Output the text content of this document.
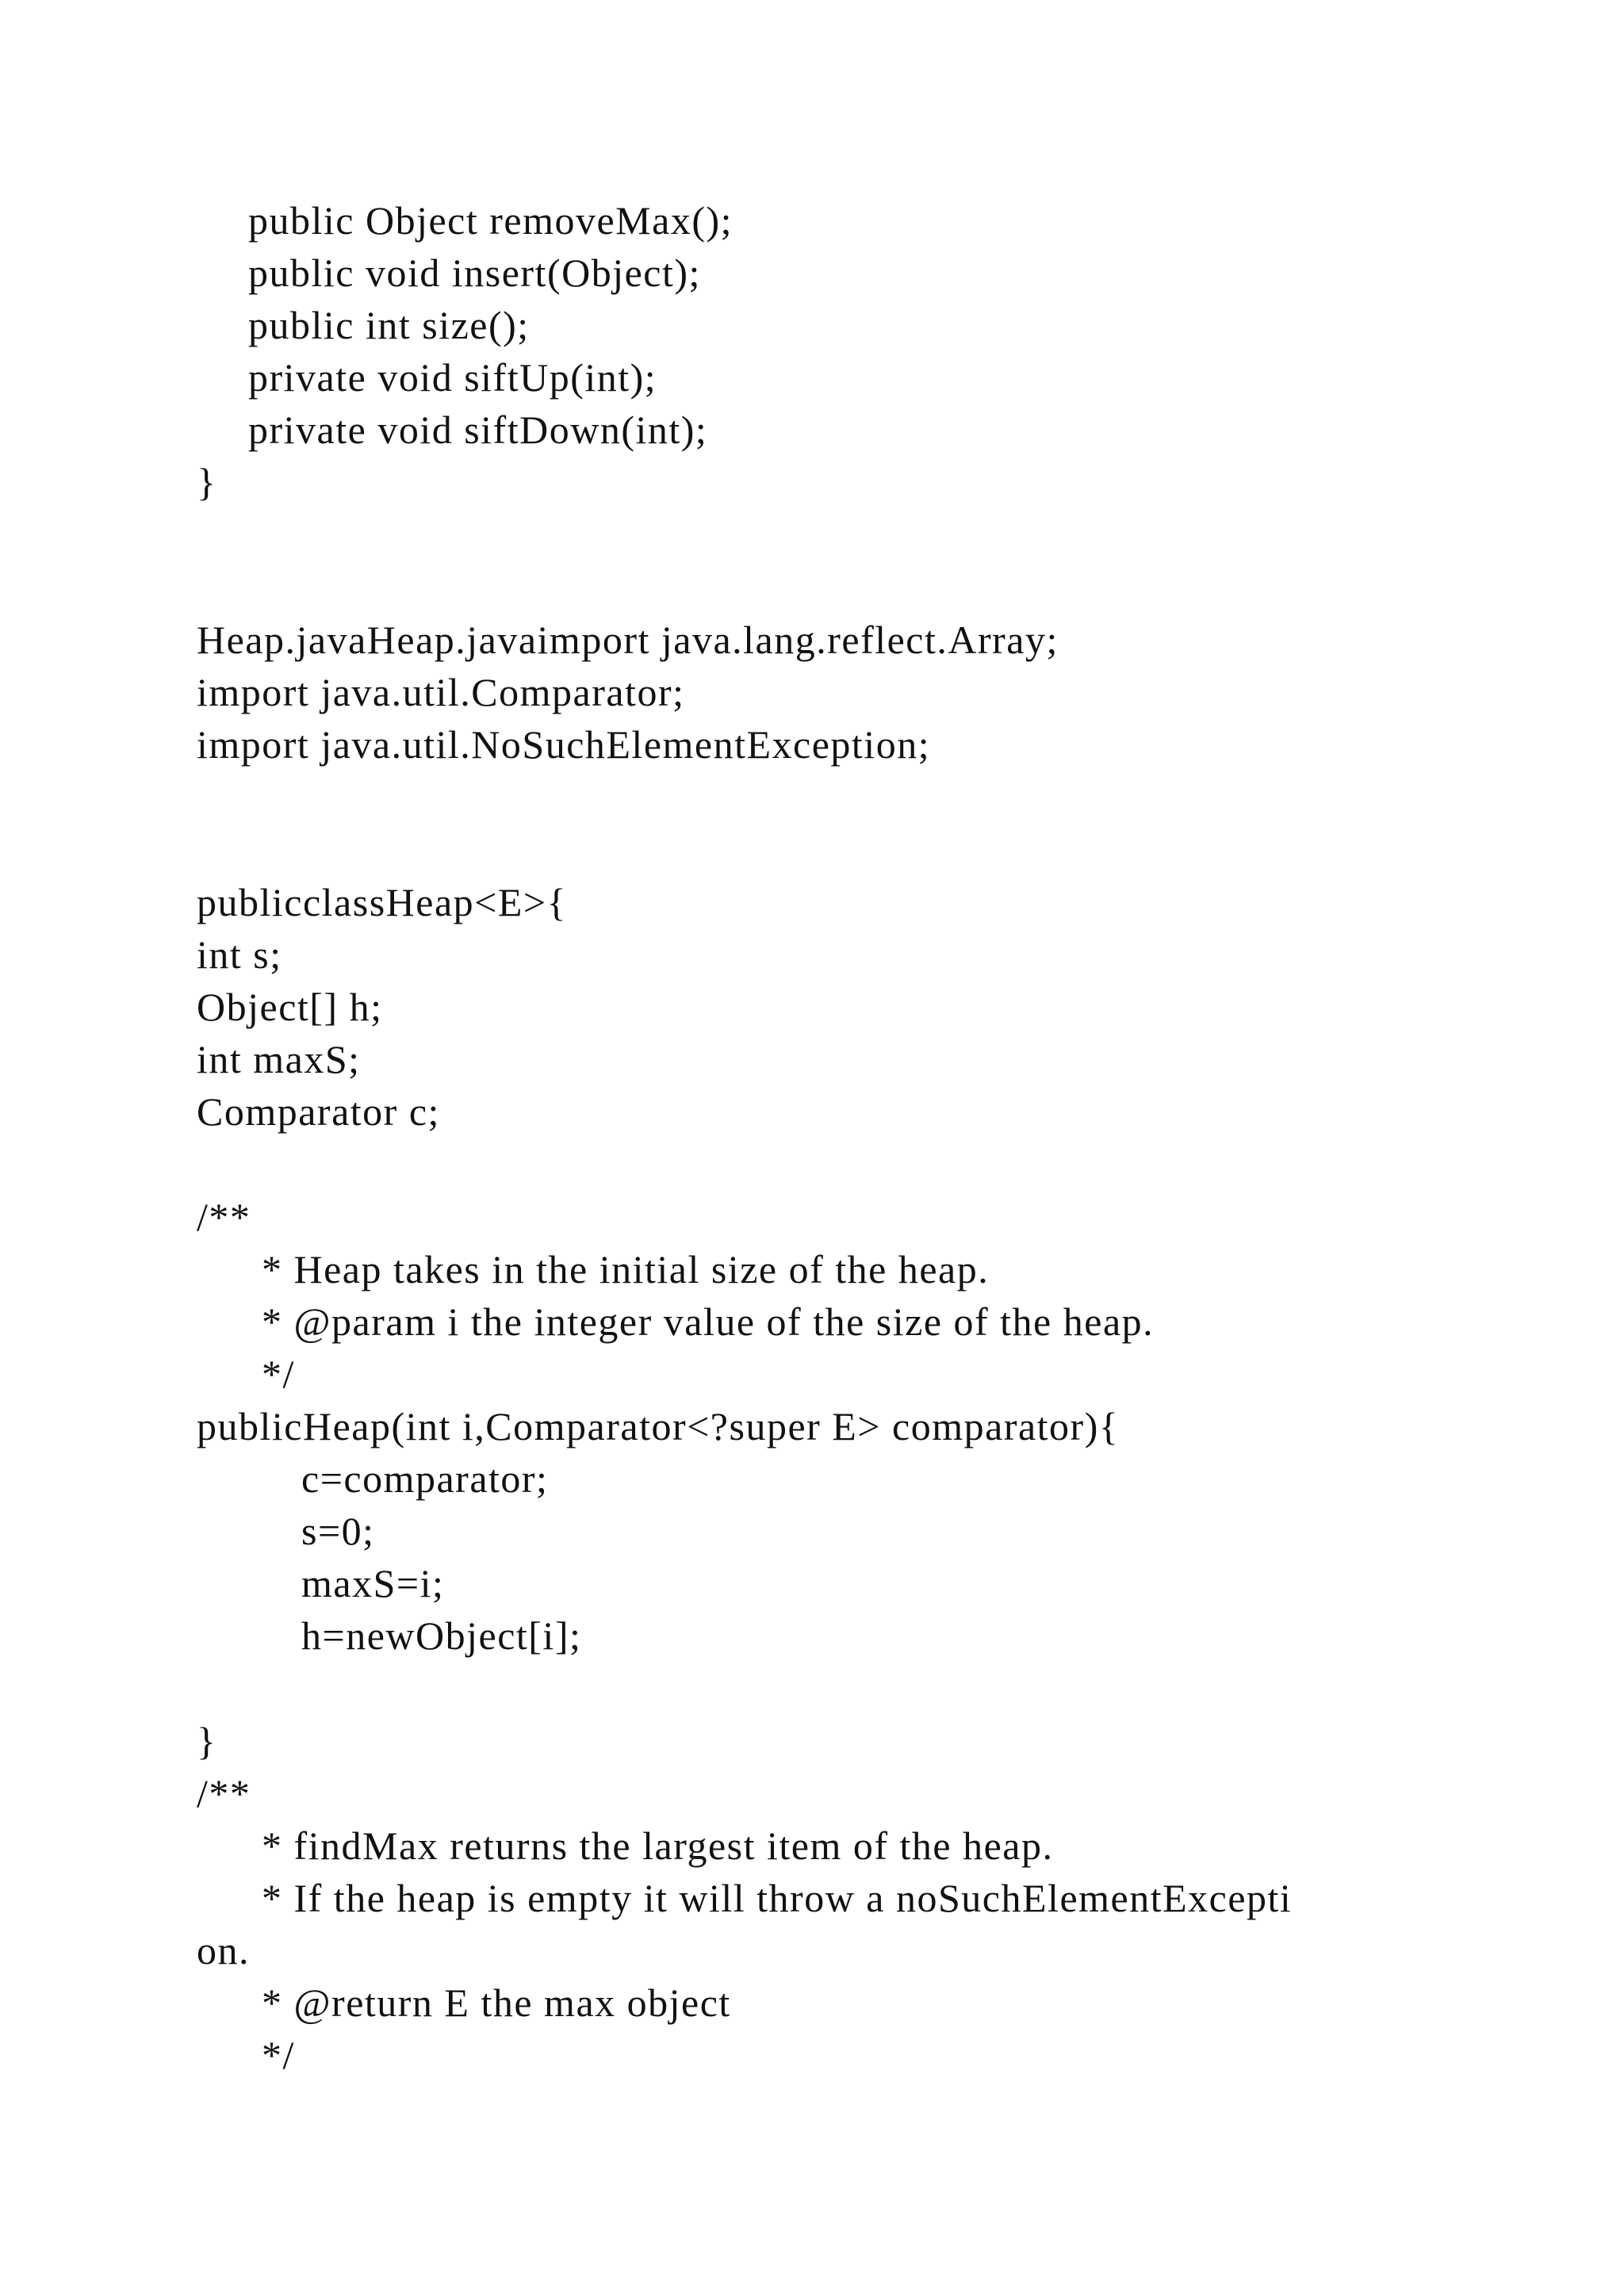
public Object removeMax();

public void insert(Object);

public int size();

private void siftUp(int);

private void siftDown(int);

}

Heap.javaHeap.javaimport java.lang.reflect.Array;

import java.util.Comparator;

import java.util.NoSuchElementException;

publicclassHeap<E>{

int s;

Object[] h;

int maxS;

Comparator c;

/**

* Heap takes in the initial size of the heap.

* @param i the integer value of the size of the heap.

*/

publicHeap(int i,Comparator<?super E> comparator){

c=comparator;

s=0;

maxS=i;

h=newObject[i];

}

/**

* findMax returns the largest item of the heap.

* If the heap is empty it will throw a noSuchElementExcepti

on.

* @return E the max object

*/
